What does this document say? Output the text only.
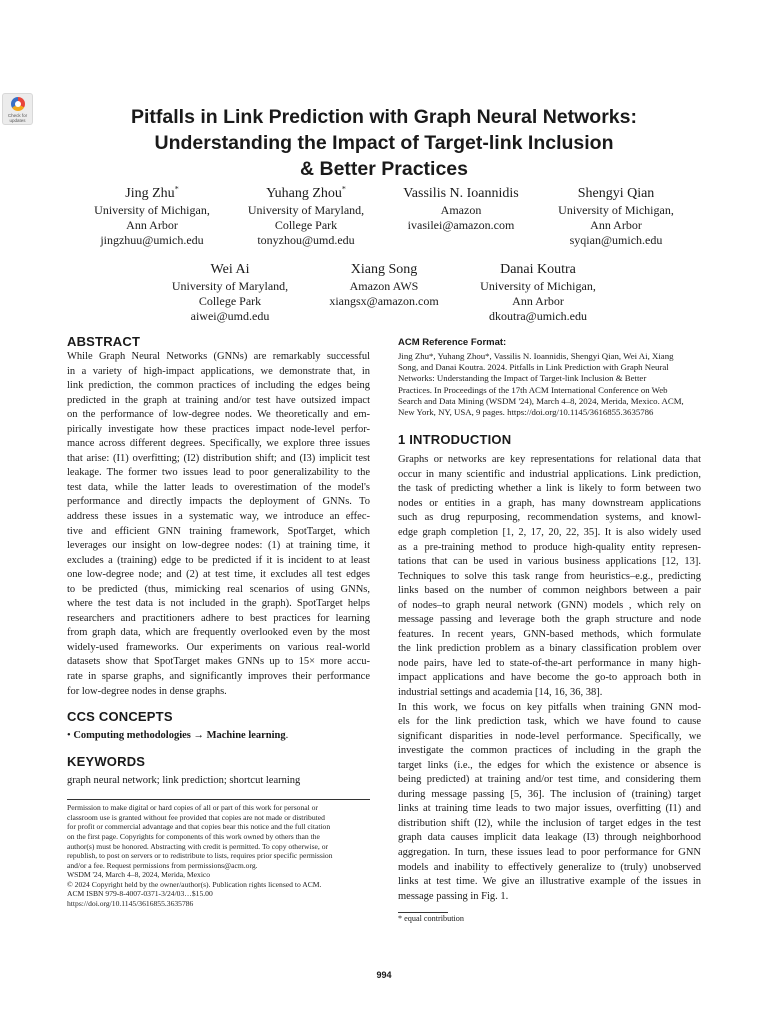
Check for
updates	Pitfalls in Link Prediction with Graph Neural Networks:
Understanding the Impact of Target-link Inclusion
& Better Practices
Jing Zhu*
University of Michigan,
Ann Arbor
jingzhuu@umich.edu
Yuhang Zhou*
University of Maryland,
College Park
tonyzhou@umd.edu
Vassilis N. Ioannidis
Amazon
ivasilei@amazon.com
Shengyi Qian
University of Michigan,
Ann Arbor
syqian@umich.edu
Wei Ai
University of Maryland,
College Park
aiwei@umd.edu
Xiang Song
Amazon AWS
xiangsx@amazon.com
Danai Koutra
University of Michigan,
Ann Arbor
dkoutra@umich.edu
ABSTRACT

While Graph Neural Networks (GNNs) are remarkably successful
in a variety of high-impact applications, we demonstrate that, in
link prediction, the common practices of including the edges being
predicted in the graph at training and/or test have outsized impact
on the performance of low-degree nodes. We theoretically and em-
pirically investigate how these practices impact node-level perfor-
mance across different degrees. Specifically, we explore three issues
that arise: (I1) overfitting; (I2) distribution shift; and (I3) implicit test
leakage. The former two issues lead to poor generalizability to the
test data, while the latter leads to overestimation of the model's
performance and directly impacts the deployment of GNNs. To
address these issues in a systematic way, we introduce an effec-
tive and efficient GNN training framework, SpotTarget, which
leverages our insight on low-degree nodes: (1) at training time, it
excludes a (training) edge to be predicted if it is incident to at least
one low-degree node; and (2) at test time, it excludes all test edges
to be predicted (thus, mimicking real scenarios of using GNNs,
where the test data is not included in the graph). SpotTarget helps
researchers and practitioners adhere to best practices for learning
from graph data, which are frequently overlooked even by the most
widely-used frameworks. Our experiments on various real-world
datasets show that SpotTarget makes GNNs up to 15× more accu-
rate in sparse graphs, and significantly improves their performance
for low-degree nodes in dense graphs.

CCS CONCEPTS
• Computing methodologies → Machine learning.
KEYWORDS
graph neural network; link prediction; shortcut learning
Permission to make digital or hard copies of all or part of this work for personal or
classroom use is granted without fee provided that copies are not made or distributed
for profit or commercial advantage and that copies bear this notice and the full citation
on the first page. Copyrights for components of this work owned by others than the
author(s) must be honored. Abstracting with credit is permitted. To copy otherwise, or
republish, to post on servers or to redistribute to lists, requires prior specific permission
and/or a fee. Request permissions from permissions@acm.org.
WSDM '24, March 4–8, 2024, Merida, Mexico
© 2024 Copyright held by the owner/author(s). Publication rights licensed to ACM.
ACM ISBN 979-8-4007-0371-3/24/03…$15.00
https://doi.org/10.1145/3616855.3635786
ACM Reference Format:
Jing Zhu*, Yuhang Zhou*, Vassilis N. Ioannidis, Shengyi Qian, Wei Ai, Xiang
Song, and Danai Koutra. 2024. Pitfalls in Link Prediction with Graph Neural
Networks: Understanding the Impact of Target-link Inclusion & Better
Practices. In Proceedings of the 17th ACM International Conference on Web
Search and Data Mining (WSDM '24), March 4–8, 2024, Merida, Mexico. ACM,
New York, NY, USA, 9 pages. https://doi.org/10.1145/3616855.3635786
1 INTRODUCTION

Graphs or networks are key representations for relational data that
occur in many scientific and industrial applications. Link prediction,
the task of predicting whether a link is likely to form between two
nodes or entities in a graph, has many downstream applications
such as drug repurposing, recommendation systems, and knowl-
edge graph completion [1, 2, 17, 20, 22, 35]. It is also widely used
as a pre-training method to produce high-quality entity represen-
tations that can be used in various business applications [12, 13].
Techniques to solve this task range from heuristics–e.g., predicting
links based on the number of common neighbors between a pair
of nodes–to graph neural network (GNN) models , which rely on
message passing and leverage both the graph structure and node
features. In recent years, GNN-based methods, which formulate
the link prediction problem as a binary classification problem over
node pairs, have led to state-of-the-art performance in many high-
impact applications and have become the go-to approach both in
industrial settings and academia [14, 16, 36, 38].

In this work, we focus on key pitfalls when training GNN mod-
els for the link prediction task, which we have found to cause
significant disparities in node-level performance. Specifically, we
investigate the common practices of including in the graph the
target links (i.e., the edges for which the existence or absence is
being predicted) at training and/or test time, and considering them
during message passing [5, 36]. The inclusion of (training) target
links at training time leads to two major issues, overfitting (I1) and
distribution shift (I2), while the inclusion of target edges in the test
graph data causes implicit data leakage (I3) through neighborhood
aggregation. In turn, these issues lead to poor performance for GNN
models and inability to effectively generalize to (truly) unobserved
links at test time. We give an illustrative example of the issues in
message passing in Fig. 1.

* equal contribution
994
